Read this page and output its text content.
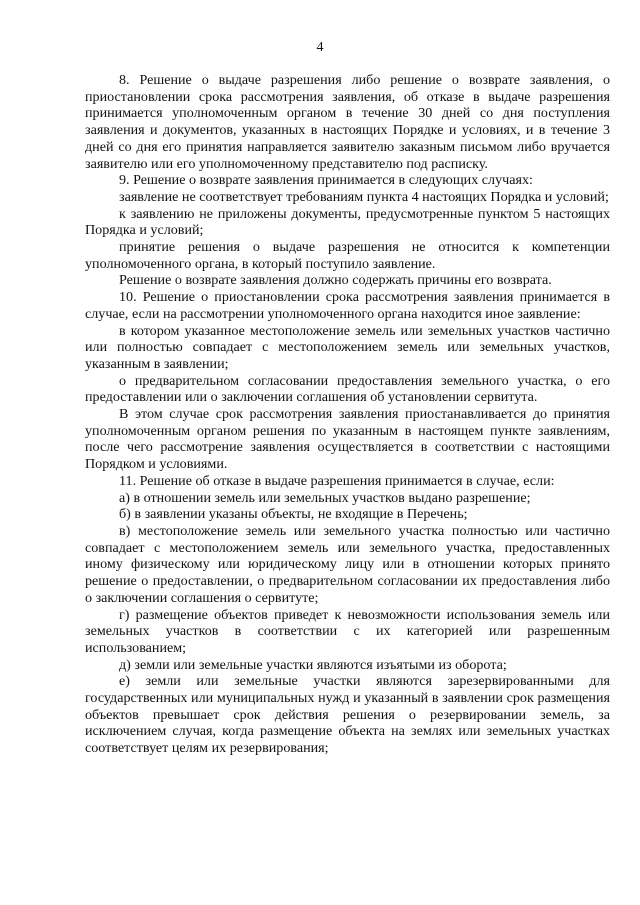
4

8. Решение о выдаче разрешения либо решение о возврате заявления, о приостановлении срока рассмотрения заявления, об отказе в выдаче разрешения принимается уполномоченным органом в течение 30 дней со дня поступления заявления и документов, указанных в настоящих Порядке и условиях, и в течение 3 дней со дня его принятия направляется заявителю заказным письмом либо вручается заявителю или его уполномоченному представителю под расписку.

9. Решение о возврате заявления принимается в следующих случаях:

заявление не соответствует требованиям пункта 4 настоящих Порядка и условий;

к заявлению не приложены документы, предусмотренные пунктом 5 настоящих Порядка и условий;

принятие решения о выдаче разрешения не относится к компетенции уполномоченного органа, в который поступило заявление.

Решение о возврате заявления должно содержать причины его возврата.

10. Решение о приостановлении срока рассмотрения заявления принимается в случае, если на рассмотрении уполномоченного органа находится иное заявление:

в котором указанное местоположение земель или земельных участков частично или полностью совпадает с местоположением земель или земельных участков, указанным в заявлении;

о предварительном согласовании предоставления земельного участка, о его предоставлении или о заключении соглашения об установлении сервитута.

В этом случае срок рассмотрения заявления приостанавливается до принятия уполномоченным органом решения по указанным в настоящем пункте заявлениям, после чего рассмотрение заявления осуществляется в соответствии с настоящими Порядком и условиями.

11. Решение об отказе в выдаче разрешения принимается в случае, если:

а) в отношении земель или земельных участков выдано разрешение;

б) в заявлении указаны объекты, не входящие в Перечень;

в) местоположение земель или земельного участка полностью или частично совпадает с местоположением земель или земельного участка, предоставленных иному физическому или юридическому лицу или в отношении которых принято решение о предоставлении, о предварительном согласовании их предоставления либо о заключении соглашения о сервитуте;

г) размещение объектов приведет к невозможности использования земель или земельных участков в соответствии с их категорией или разрешенным использованием;

д) земли или земельные участки являются изъятыми из оборота;

е) земли или земельные участки являются зарезервированными для государственных или муниципальных нужд и указанный в заявлении срок размещения объектов превышает срок действия решения о резервировании земель, за исключением случая, когда размещение объекта на землях или земельных участках соответствует целям их резервирования;
